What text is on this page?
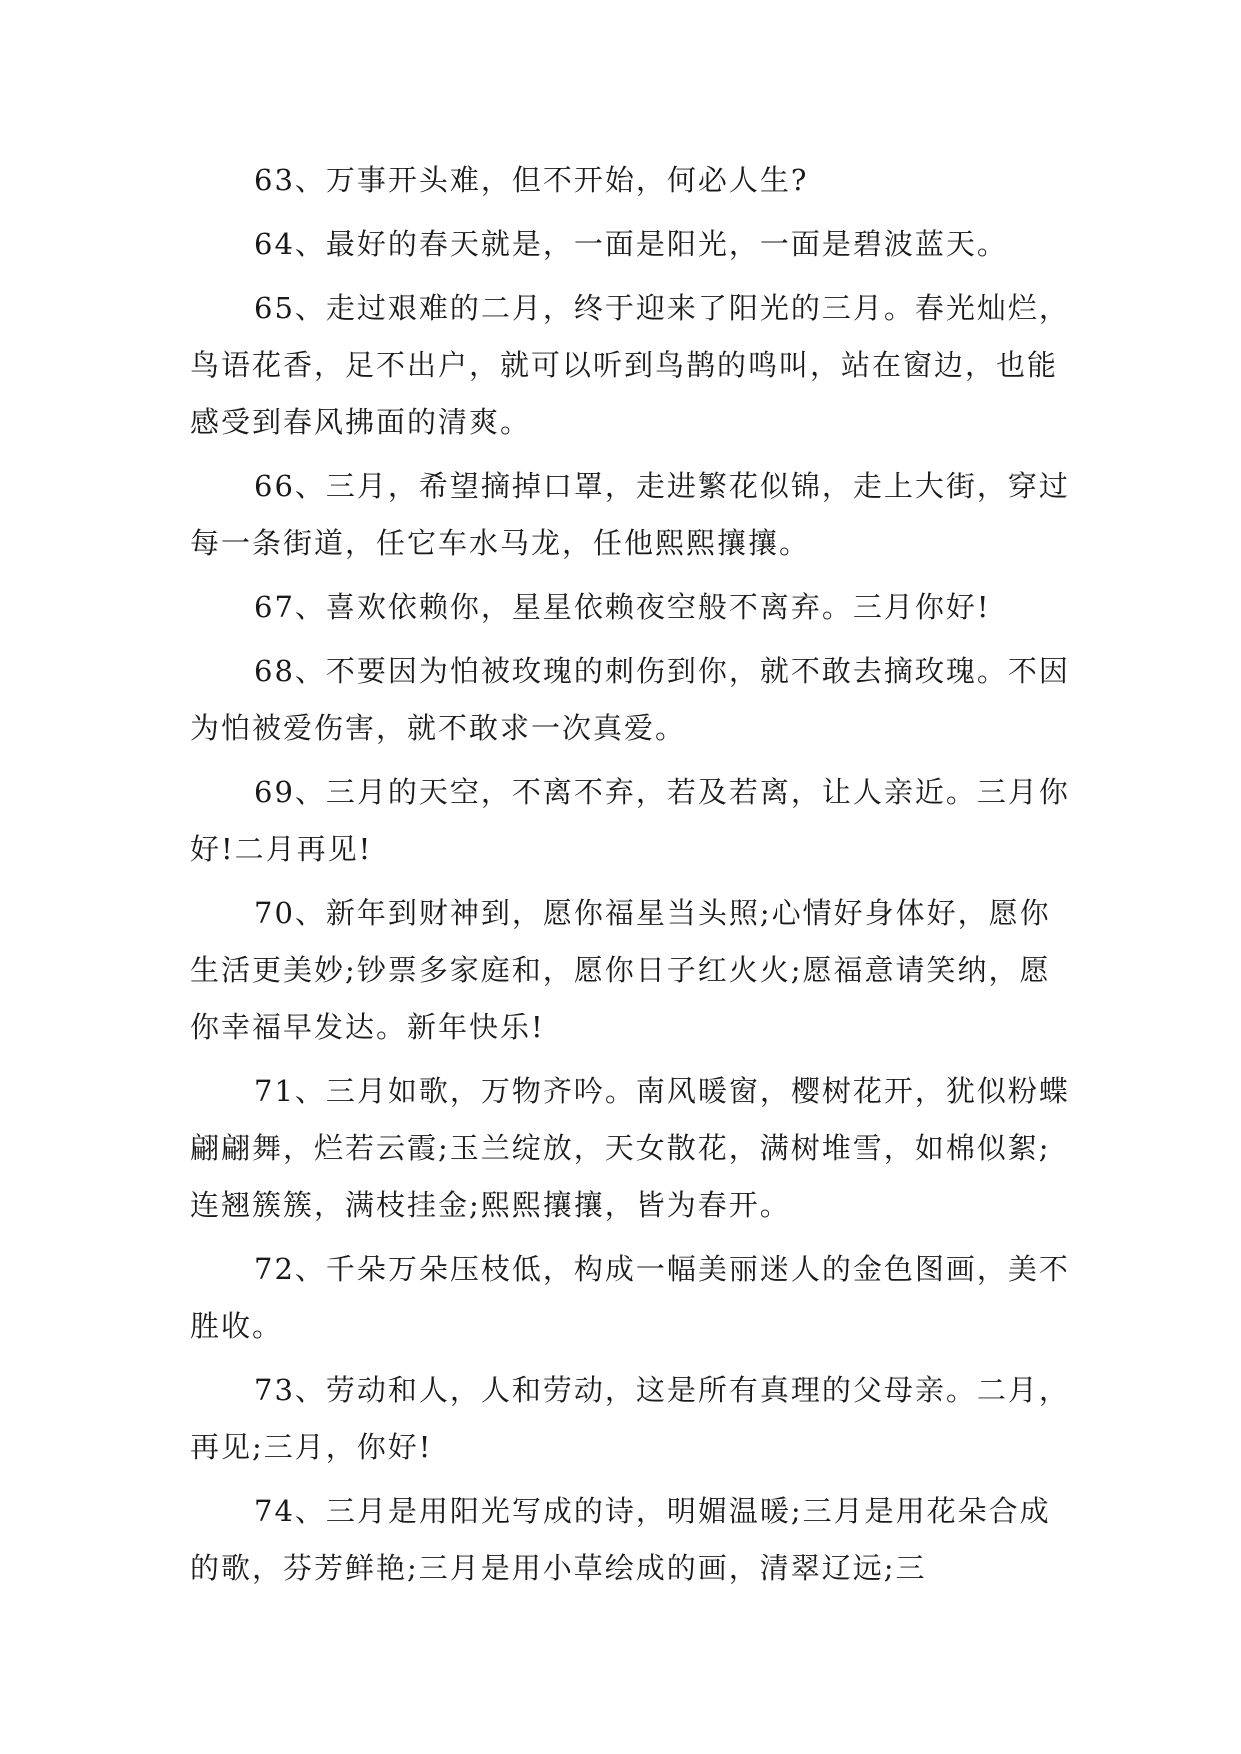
63、万事开头难，但不开始，何必人生?

64、最好的春天就是，一面是阳光，一面是碧波蓝天。

65、走过艰难的二月，终于迎来了阳光的三月。春光灿烂，鸟语花香，足不出户，就可以听到鸟鹊的鸣叫，站在窗边，也能感受到春风拂面的清爽。

66、三月，希望摘掉口罩，走进繁花似锦，走上大街，穿过每一条街道，任它车水马龙，任他熙熙攘攘。

67、喜欢依赖你，星星依赖夜空般不离弃。三月你好!

68、不要因为怕被玫瑰的刺伤到你，就不敢去摘玫瑰。不因为怕被爱伤害，就不敢求一次真爱。

69、三月的天空，不离不弃，若及若离，让人亲近。三月你好!二月再见!

70、新年到财神到，愿你福星当头照;心情好身体好，愿你生活更美妙;钞票多家庭和，愿你日子红火火;愿福意请笑纳，愿你幸福早发达。新年快乐!

71、三月如歌，万物齐吟。南风暖窗，樱树花开，犹似粉蝶翩翩舞，烂若云霞;玉兰绽放，天女散花，满树堆雪，如棉似絮;连翘簇簇，满枝挂金;熙熙攘攘，皆为春开。

72、千朵万朵压枝低，构成一幅美丽迷人的金色图画，美不胜收。

73、劳动和人，人和劳动，这是所有真理的父母亲。二月，再见;三月，你好!

74、三月是用阳光写成的诗，明媚温暖;三月是用花朵合成的歌，芬芳鲜艳;三月是用小草绘成的画，清翠辽远;三
